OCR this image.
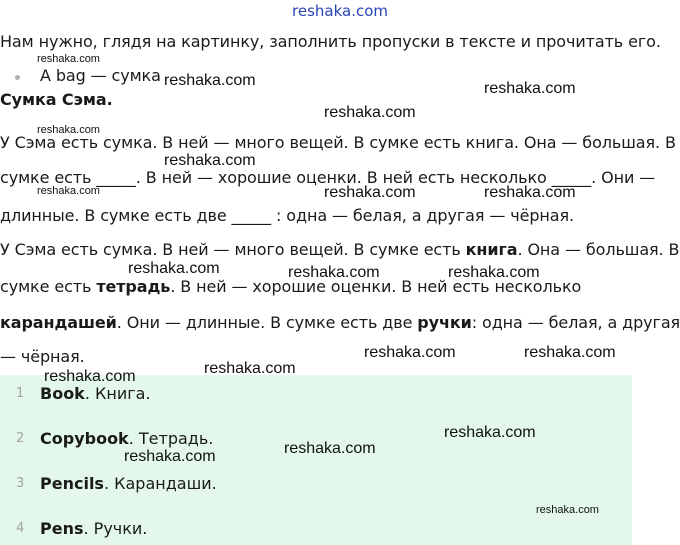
reshaka.com
Нам нужно, глядя на картинку, заполнить пропуски в тексте и прочитать его.
A bag — сумка
Сумка Сэма.
У Сэма есть сумка. В ней — много вещей. В сумке есть книга. Она — большая. В
сумке есть _____. В ней — хорошие оценки. В ней есть несколько _____. Они —
длинные. В сумке есть две _____ : одна — белая, а другая — чёрная.
У Сэма есть сумка. В ней — много вещей. В сумке есть книга. Она — большая. В
сумке есть тетрадь. В ней — хорошие оценки. В ней есть несколько
карандашей. Они — длинные. В сумке есть две ручки: одна — белая, а другая
— чёрная.
1 Book. Книга.
2 Copybook. Тетрадь.
3 Pencils. Карандаши.
4 Pens. Ручки.
reshaka.com
reshaka.com	reshaka.com
reshaka.com
reshaka.com
reshaka.com
reshaka.com	reshaka.com	reshaka.com
reshaka.com	reshaka.com	reshaka.com
reshaka.com	reshaka.com
reshaka.com
reshaka.com
reshaka.com
reshaka.com
reshaka.com
reshaka.com
